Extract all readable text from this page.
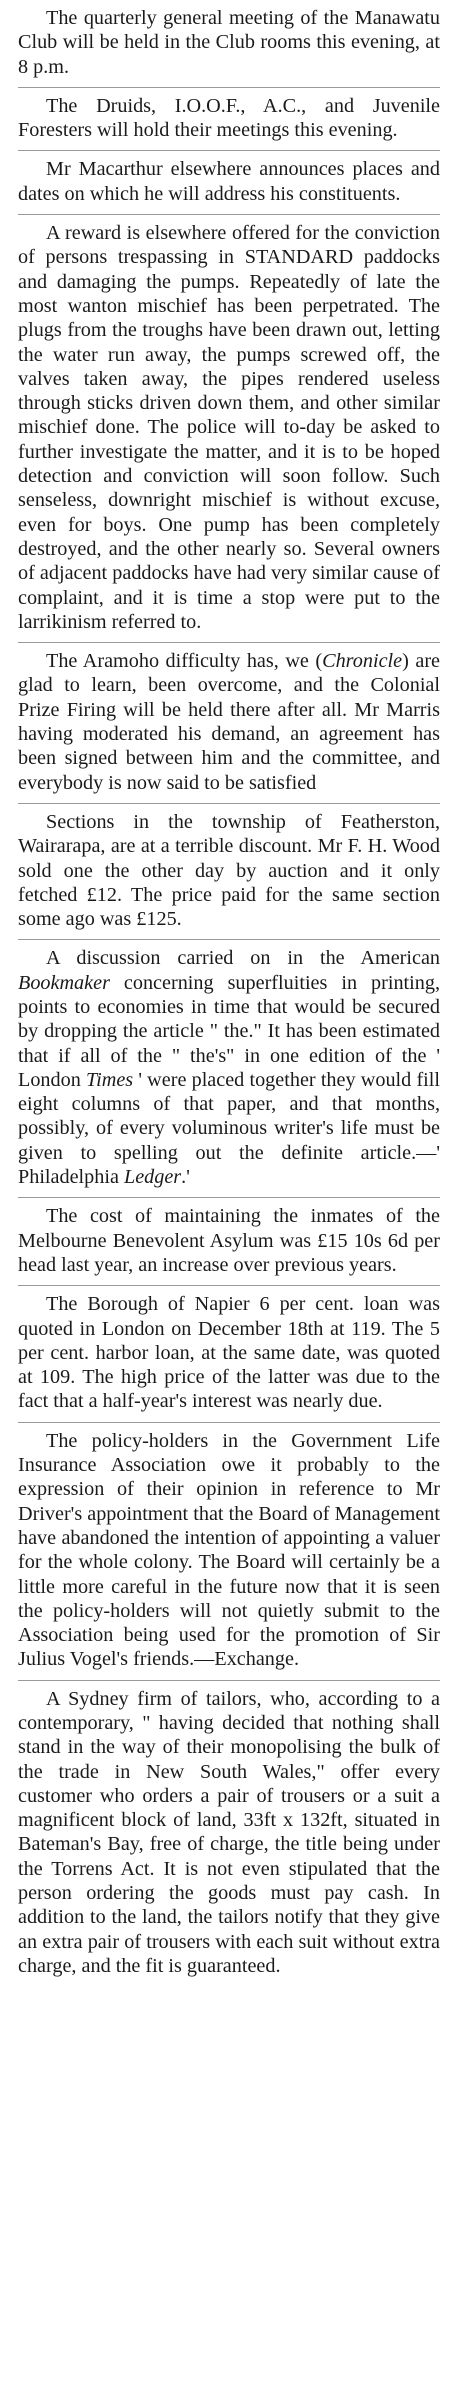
The quarterly general meeting of the Manawatu Club will be held in the Club rooms this evening, at 8 p.m.

The Druids, I.O.O.F., A.C., and Juvenile Foresters will hold their meetings this evening.

Mr Macarthur elsewhere announces places and dates on which he will address his constituents.

A reward is elsewhere offered for the conviction of persons trespassing in STANDARD paddocks and damaging the pumps. Repeatedly of late the most wanton mischief has been perpetrated. The plugs from the troughs have been drawn out, letting the water run away, the pumps screwed off, the valves taken away, the pipes rendered useless through sticks driven down them, and other similar mischief done. The police will to-day be asked to further investigate the matter, and it is to be hoped detection and conviction will soon follow. Such senseless, downright mischief is without excuse, even for boys. One pump has been completely destroyed, and the other nearly so. Several owners of adjacent paddocks have had very similar cause of complaint, and it is time a stop were put to the larrikinism referred to.

The Aramoho difficulty has, we (Chronicle) are glad to learn, been overcome, and the Colonial Prize Firing will be held there after all. Mr Marris having moderated his demand, an agreement has been signed between him and the committee, and everybody is now said to be satisfied

Sections in the township of Featherston, Wairarapa, are at a terrible discount. Mr F. H. Wood sold one the other day by auction and it only fetched £12. The price paid for the same section some ago was £125.

A discussion carried on in the American Bookmaker concerning superfluities in printing, points to economies in time that would be secured by dropping the article " the." It has been estimated that if all of the " the's" in one edition of the ' London Times ' were placed together they would fill eight columns of that paper, and that months, possibly, of every voluminous writer's life must be given to spelling out the definite article.—' Philadelphia Ledger.'

The cost of maintaining the inmates of the Melbourne Benevolent Asylum was £15 10s 6d per head last year, an increase over previous years.

The Borough of Napier 6 per cent. loan was quoted in London on December 18th at 119. The 5 per cent. harbor loan, at the same date, was quoted at 109. The high price of the latter was due to the fact that a half-year's interest was nearly due.

The policy-holders in the Government Life Insurance Association owe it probably to the expression of their opinion in reference to Mr Driver's appointment that the Board of Management have abandoned the intention of appointing a valuer for the whole colony. The Board will certainly be a little more careful in the future now that it is seen the policy-holders will not quietly submit to the Association being used for the promotion of Sir Julius Vogel's friends.—Exchange.

A Sydney firm of tailors, who, according to a contemporary, " having decided that nothing shall stand in the way of their monopolising the bulk of the trade in New South Wales," offer every customer who orders a pair of trousers or a suit a magnificent block of land, 33ft x 132ft, situated in Bateman's Bay, free of charge, the title being under the Torrens Act. It is not even stipulated that the person ordering the goods must pay cash. In addition to the land, the tailors notify that they give an extra pair of trousers with each suit without extra charge, and the fit is guaranteed.
